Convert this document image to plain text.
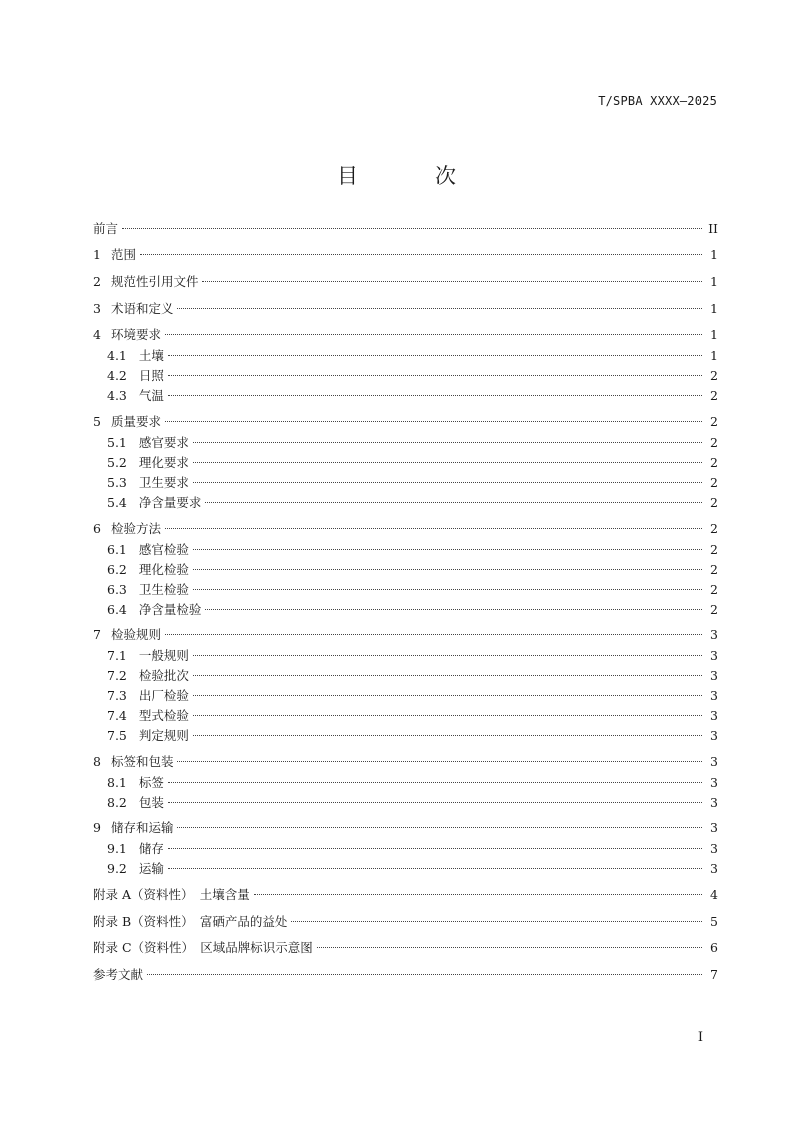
T/SPBA XXXX—2025
目　次
前言	II
1 范围	1
2 规范性引用文件	1
3 术语和定义	1
4 环境要求	1
4.1 土壤	1
4.2 日照	2
4.3 气温	2
5 质量要求	2
5.1 感官要求	2
5.2 理化要求	2
5.3 卫生要求	2
5.4 净含量要求	2
6 检验方法	2
6.1 感官检验	2
6.2 理化检验	2
6.3 卫生检验	2
6.4 净含量检验	2
7 检验规则	3
7.1 一般规则	3
7.2 检验批次	3
7.3 出厂检验	3
7.4 型式检验	3
7.5 判定规则	3
8 标签和包装	3
8.1 标签	3
8.2 包装	3
9 储存和运输	3
9.1 储存	3
9.2 运输	3
附录 A（资料性）　土壤含量	4
附录 B（资料性）　富硒产品的益处	5
附录 C（资料性）　区域品牌标识示意图	6
参考文献	7
I
